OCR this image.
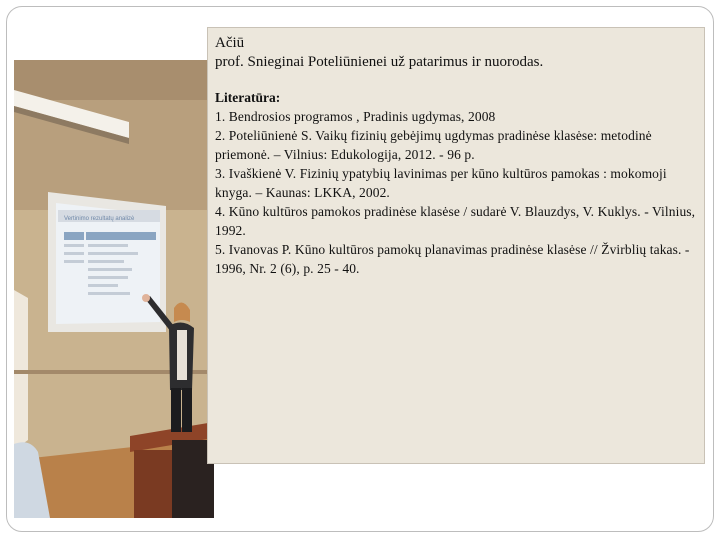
Vertinimo rezultatų analizė
Ačiū
prof. Snieginai Poteliūnienei už patarimus ir nuorodas.
Literatūra:
1. Bendrosios programos , Pradinis ugdymas, 2008
2. Poteliūnienė S. Vaikų fizinių gebėjimų ugdymas pradinėse klasėse: metodinė priemonė. – Vilnius: Edukologija, 2012. - 96 p.
3. Ivaškienė V. Fizinių ypatybių lavinimas per kūno kultūros pamokas : mokomoji knyga. – Kaunas: LKKA, 2002.
4. Kūno kultūros pamokos pradinėse klasėse / sudarė V. Blauzdys, V. Kuklys. - Vilnius, 1992.
5. Ivanovas P. Kūno kultūros pamokų planavimas pradinėse klasėse // Žvirblių takas. - 1996, Nr. 2 (6), p. 25 - 40.
